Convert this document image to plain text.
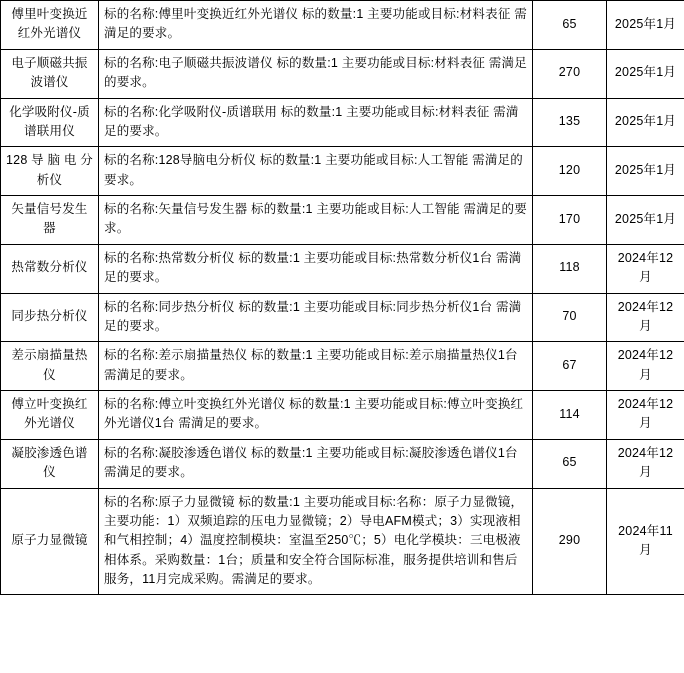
傅里叶变换近红外光谱仪	标的名称:傅里叶变换近红外光谱仪 标的数量:1 主要功能或目标:材料表征 需満足的要求。	65	2025年1月
电子顺磁共振波谱仪	标的名称:电子顺磁共振波谱仪 标的数量:1 主要功能或目标:材料表征 需満足的要求。	270	2025年1月
化学吸附仪-质谱联用仪	标的名称:化学吸附仪-质谱联用 标的数量:1 主要功能或目标:材料表征 需満足的要求。	135	2025年1月
128 导 脑 电 分析仪	标的名称:128导脑电分析仪 标的数量:1 主要功能或目标:人工智能 需満足的要求。	120	2025年1月
矢量信号发生器	标的名称:矢量信号发生器 标的数量:1 主要功能或目标:人工智能 需満足的要求。	170	2025年1月
热常数分析仪	标的名称:热常数分析仪 标的数量:1 主要功能或目标:热常数分析仪1台 需満足的要求。	118	2024年12月
同步热分析仪	标的名称:同步热分析仪 标的数量:1 主要功能或目标:同步热分析仪1台 需満足的要求。	70	2024年12月
差示扇描量热仪	标的名称:差示扇描量热仪 标的数量:1 主要功能或目标:差示扇描量热仪1台 需満足的要求。	67	2024年12月
傅立叶变换红外光谱仪	标的名称:傅立叶变换红外光谱仪 标的数量:1 主要功能或目标:傅立叶变换红外光谱仪1台 需満足的要求。	114	2024年12月
凝胶渗透色谱仪	标的名称:凝胶渗透色谱仪 标的数量:1 主要功能或目标:凝胶渗透色谱仪1台 需満足的要求。	65	2024年12月
原子力显微镜	标的名称:原子力显微镜 标的数量:1 主要功能或目标:名称：原子力显微镜，主要功能：1）双频追踪的压电力显微镜；2）导电AFM模式；3）实现液相和气相控制；4）温度控制模块：室温至250℃；5）电化学模块：三电极液相体系。采购数量：1台；质量和安全符合国际标准，服务提供培训和售后服务，11月完成采购。需満足的要求。	290	2024年11月
